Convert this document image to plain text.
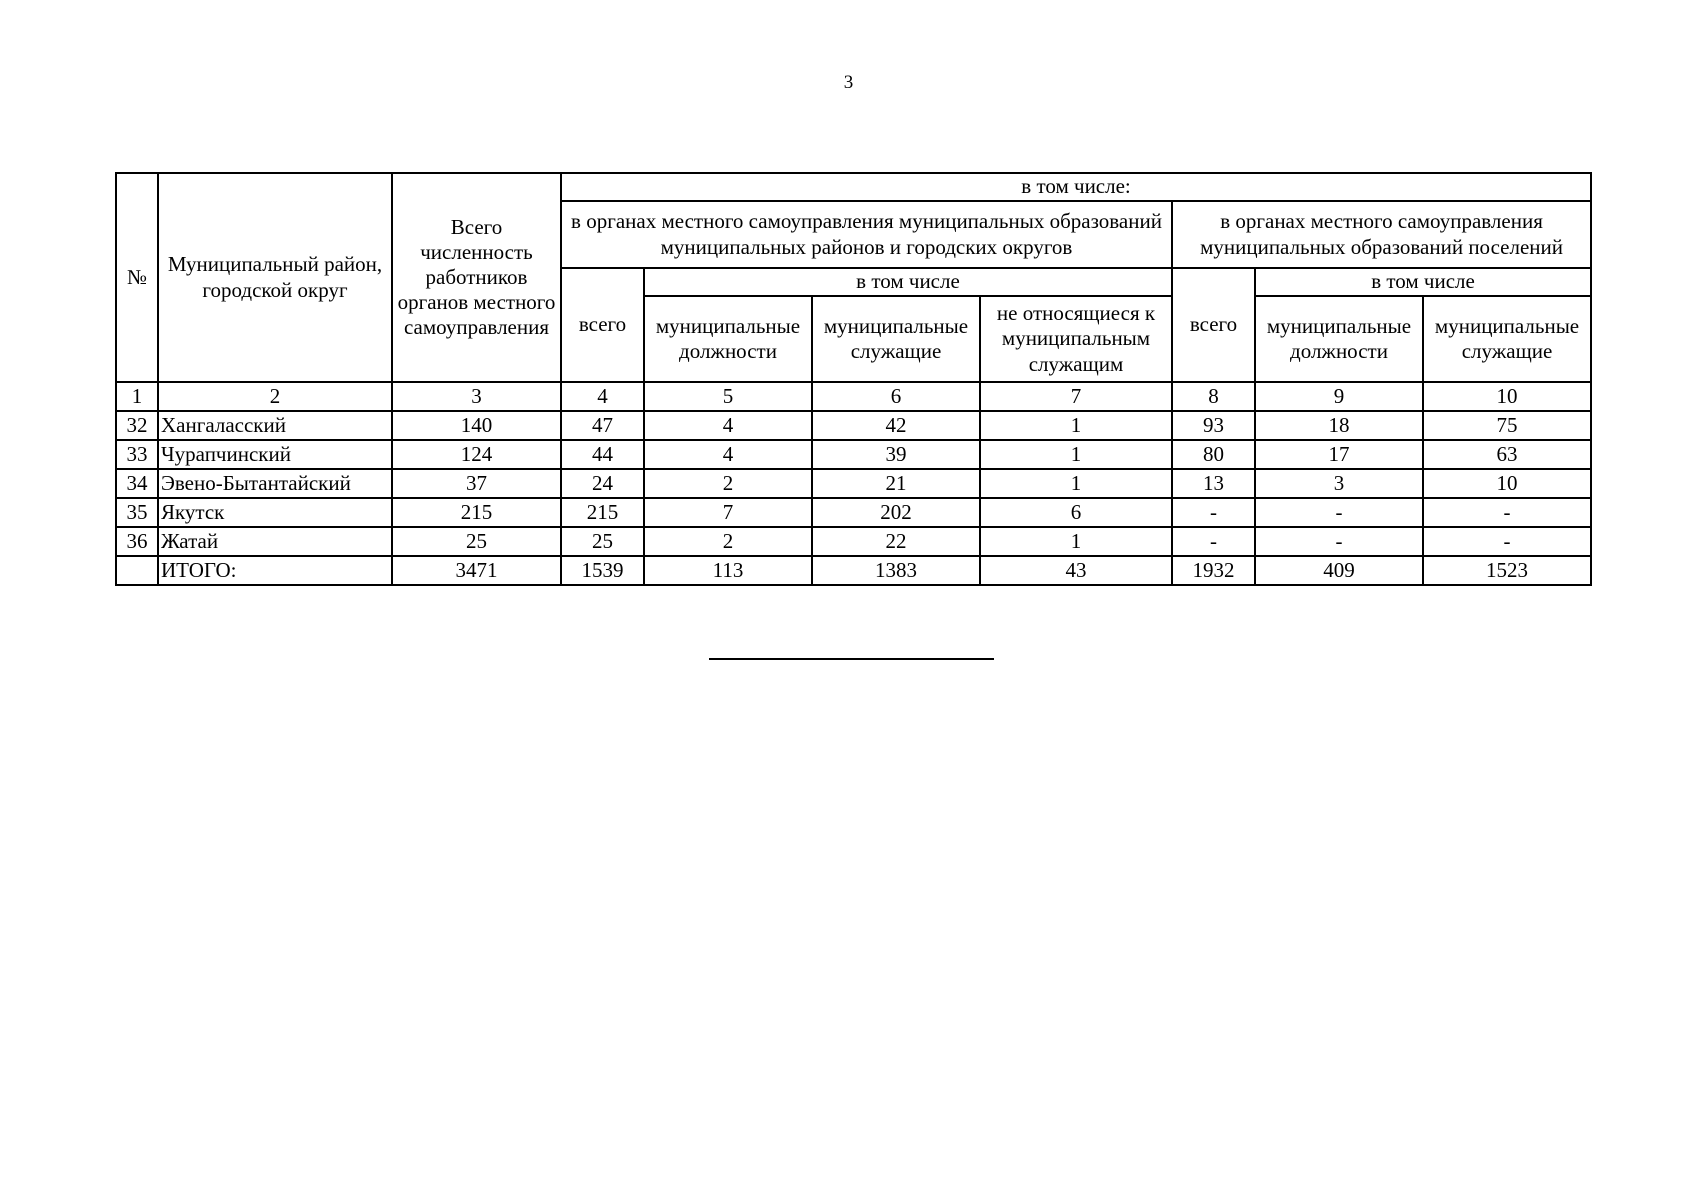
3
№	Муниципальный район, городской округ	Всего численность работников органов местного самоуправления	в том числе:						
			в органах местного самоуправления муниципальных образований муниципальных районов и городских округов				в органах местного самоуправления муниципальных образований поселений		
			всего	в том числе			всего	в том числе	
				муниципальные должности	муниципальные служащие	не относящиеся к муниципальным служащим		муниципальные должности	муниципальные служащие
1	2	3	4	5	6	7	8	9	10
32	Хангаласский	140	47	4	42	1	93	18	75
33	Чурапчинский	124	44	4	39	1	80	17	63
34	Эвено-Бытантайский	37	24	2	21	1	13	3	10
35	Якутск	215	215	7	202	6	-	-	-
36	Жатай	25	25	2	22	1	-	-	-
	ИТОГО:	3471	1539	113	1383	43	1932	409	1523
